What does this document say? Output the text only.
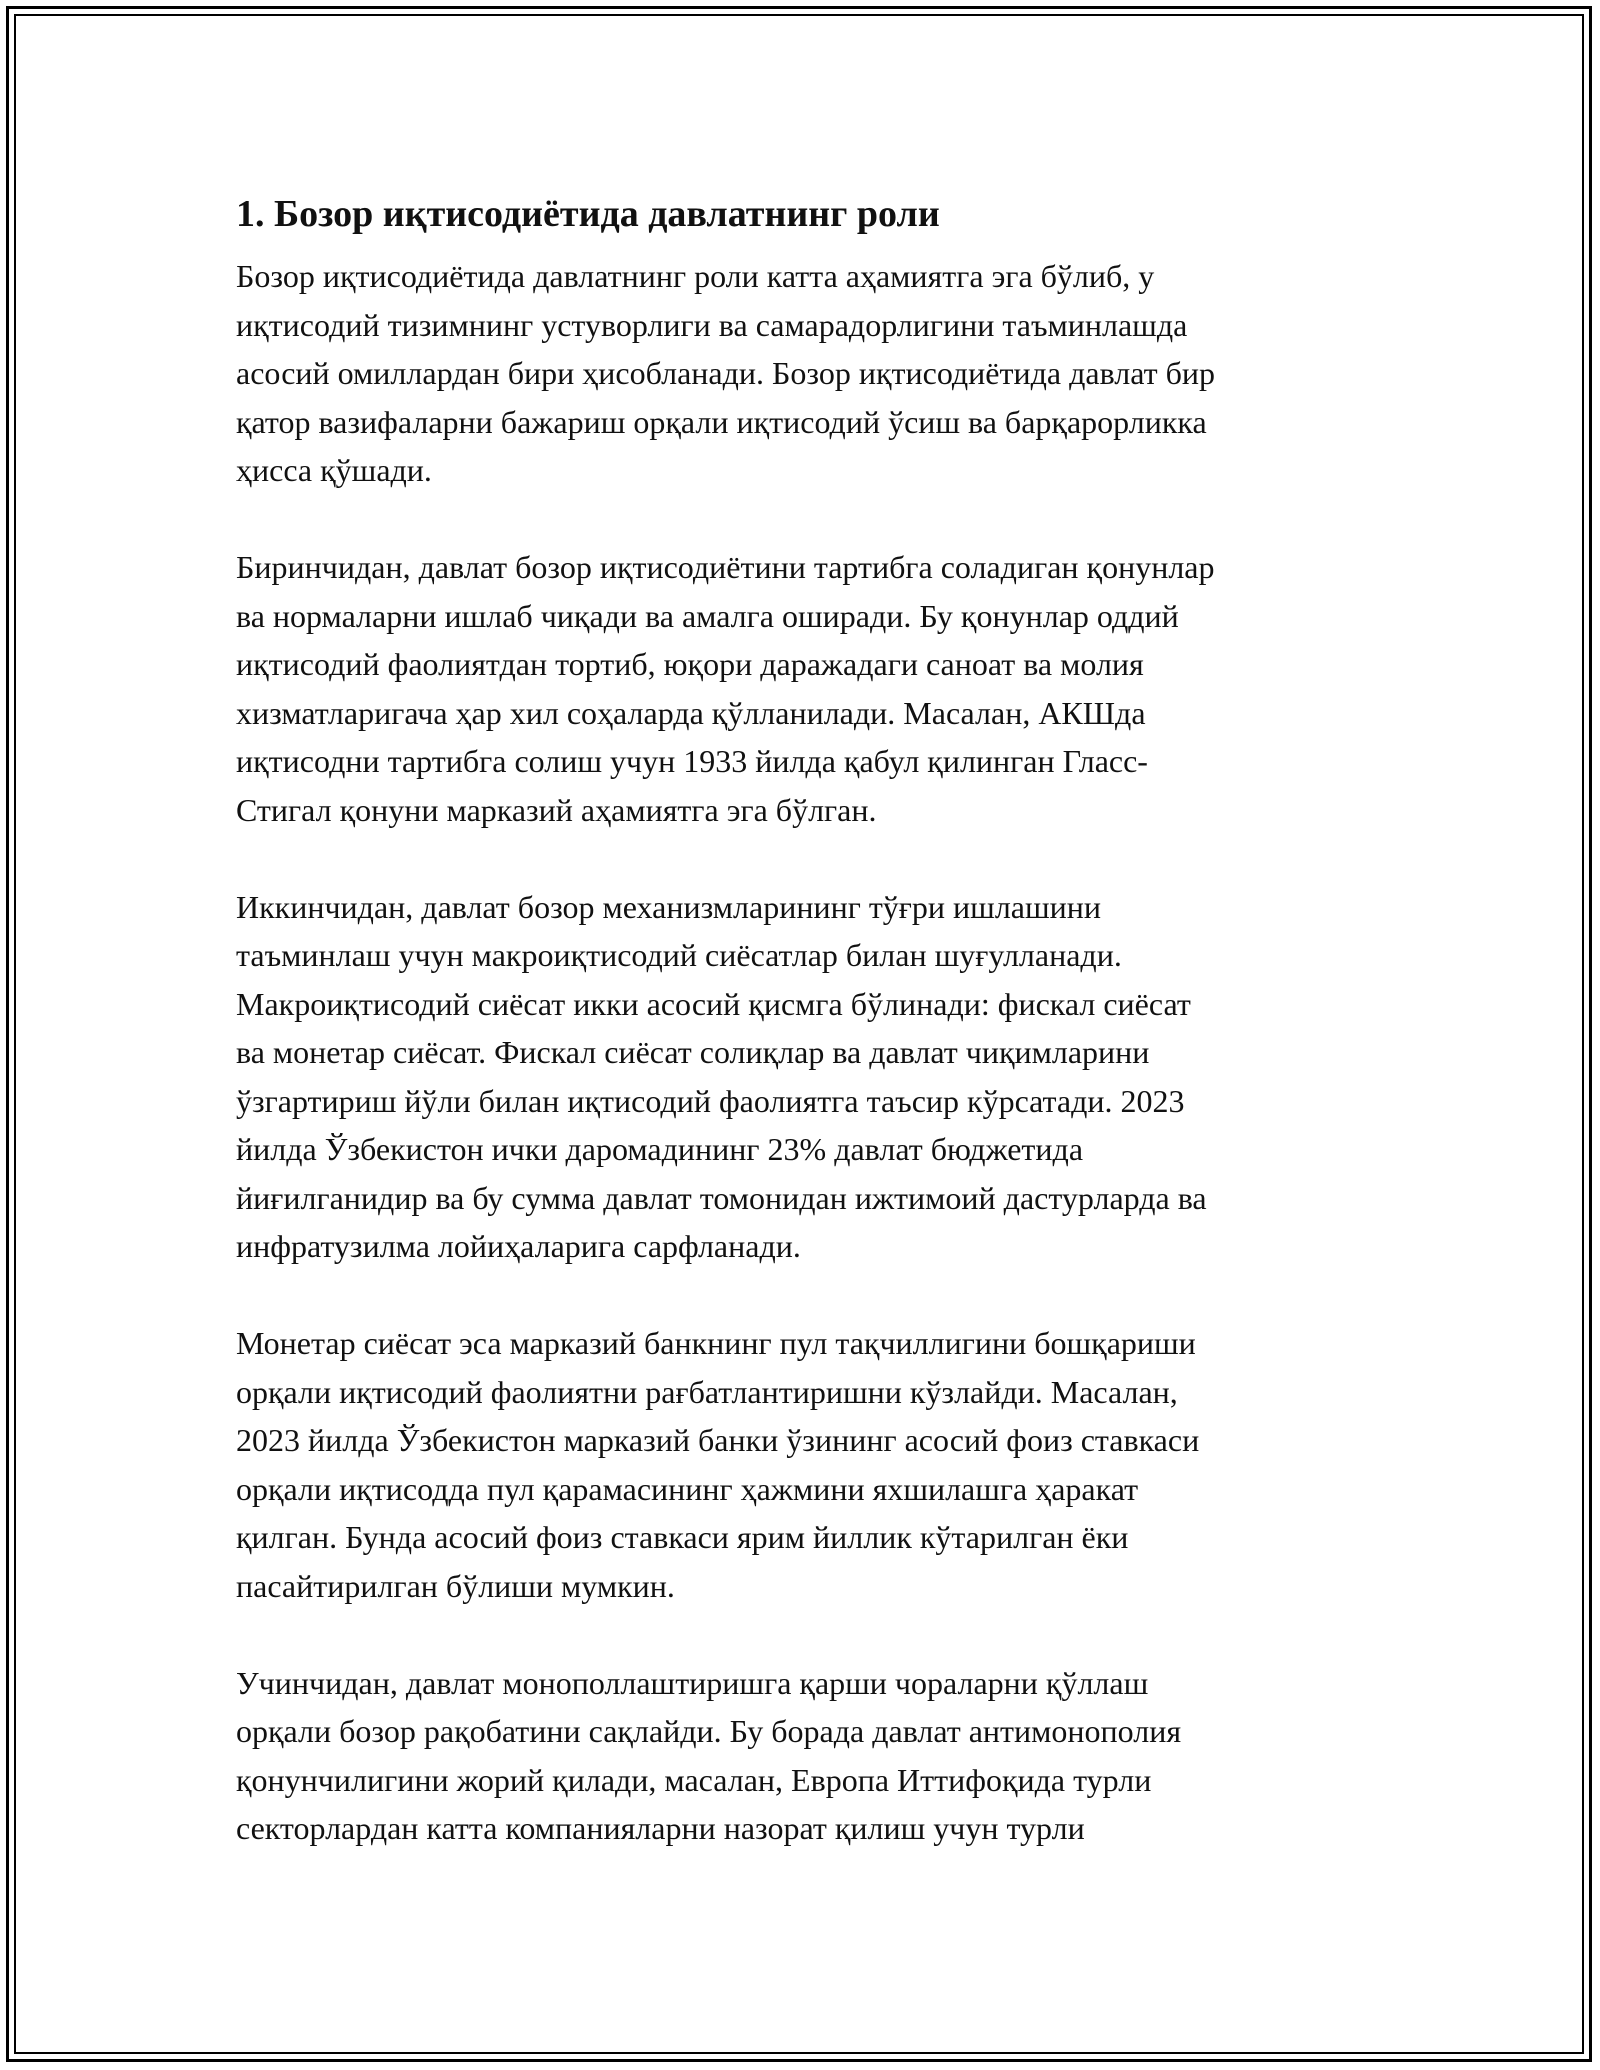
1. Бозор иқтисодиётида давлатнинг роли

Бозор иқтисодиётида давлатнинг роли катта аҳамиятга эга бўлиб, у
иқтисодий тизимнинг устуворлиги ва самарадорлигини таъминлашда
асосий омиллардан бири ҳисобланади. Бозор иқтисодиётида давлат бир
қатор вазифаларни бажариш орқали иқтисодий ўсиш ва барқарорликка
ҳисса қўшади.

Биринчидан, давлат бозор иқтисодиётини тартибга соладиган қонунлар
ва нормаларни ишлаб чиқади ва амалга оширади. Бу қонунлар оддий
иқтисодий фаолиятдан тортиб, юқори даражадаги саноат ва молия
хизматларигача ҳар хил соҳаларда қўлланилади. Масалан, АКШда
иқтисодни тартибга солиш учун 1933 йилда қабул қилинган Гласс-
Стигал қонуни марказий аҳамиятга эга бўлган.

Иккинчидан, давлат бозор механизмларининг тўғри ишлашини
таъминлаш учун макроиқтисодий сиёсатлар билан шуғулланади.
Макроиқтисодий сиёсат икки асосий қисмга бўлинади: фискал сиёсат
ва монетар сиёсат. Фискал сиёсат солиқлар ва давлат чиқимларини
ўзгартириш йўли билан иқтисодий фаолиятга таъсир кўрсатади. 2023
йилда Ўзбекистон ички даромадининг 23% давлат бюджетида
йиғилганидир ва бу сумма давлат томонидан ижтимоий дастурларда ва
инфратузилма лойиҳаларига сарфланади.

Монетар сиёсат эса марказий банкнинг пул тақчиллигини бошқариши
орқали иқтисодий фаолиятни рағбатлантиришни кўзлайди. Масалан,
2023 йилда Ўзбекистон марказий банки ўзининг асосий фоиз ставкаси
орқали иқтисодда пул қарамасининг ҳажмини яхшилашга ҳаракат
қилган. Бунда асосий фоиз ставкаси ярим йиллик кўтарилган ёки
пасайтирилган бўлиши мумкин.

Учинчидан, давлат монополлаштиришга қарши чораларни қўллаш
орқали бозор рақобатини сақлайди. Бу борада давлат антимонополия
қонунчилигини жорий қилади, масалан, Европа Иттифоқида турли
секторлардан катта компанияларни назорат қилиш учун турли
